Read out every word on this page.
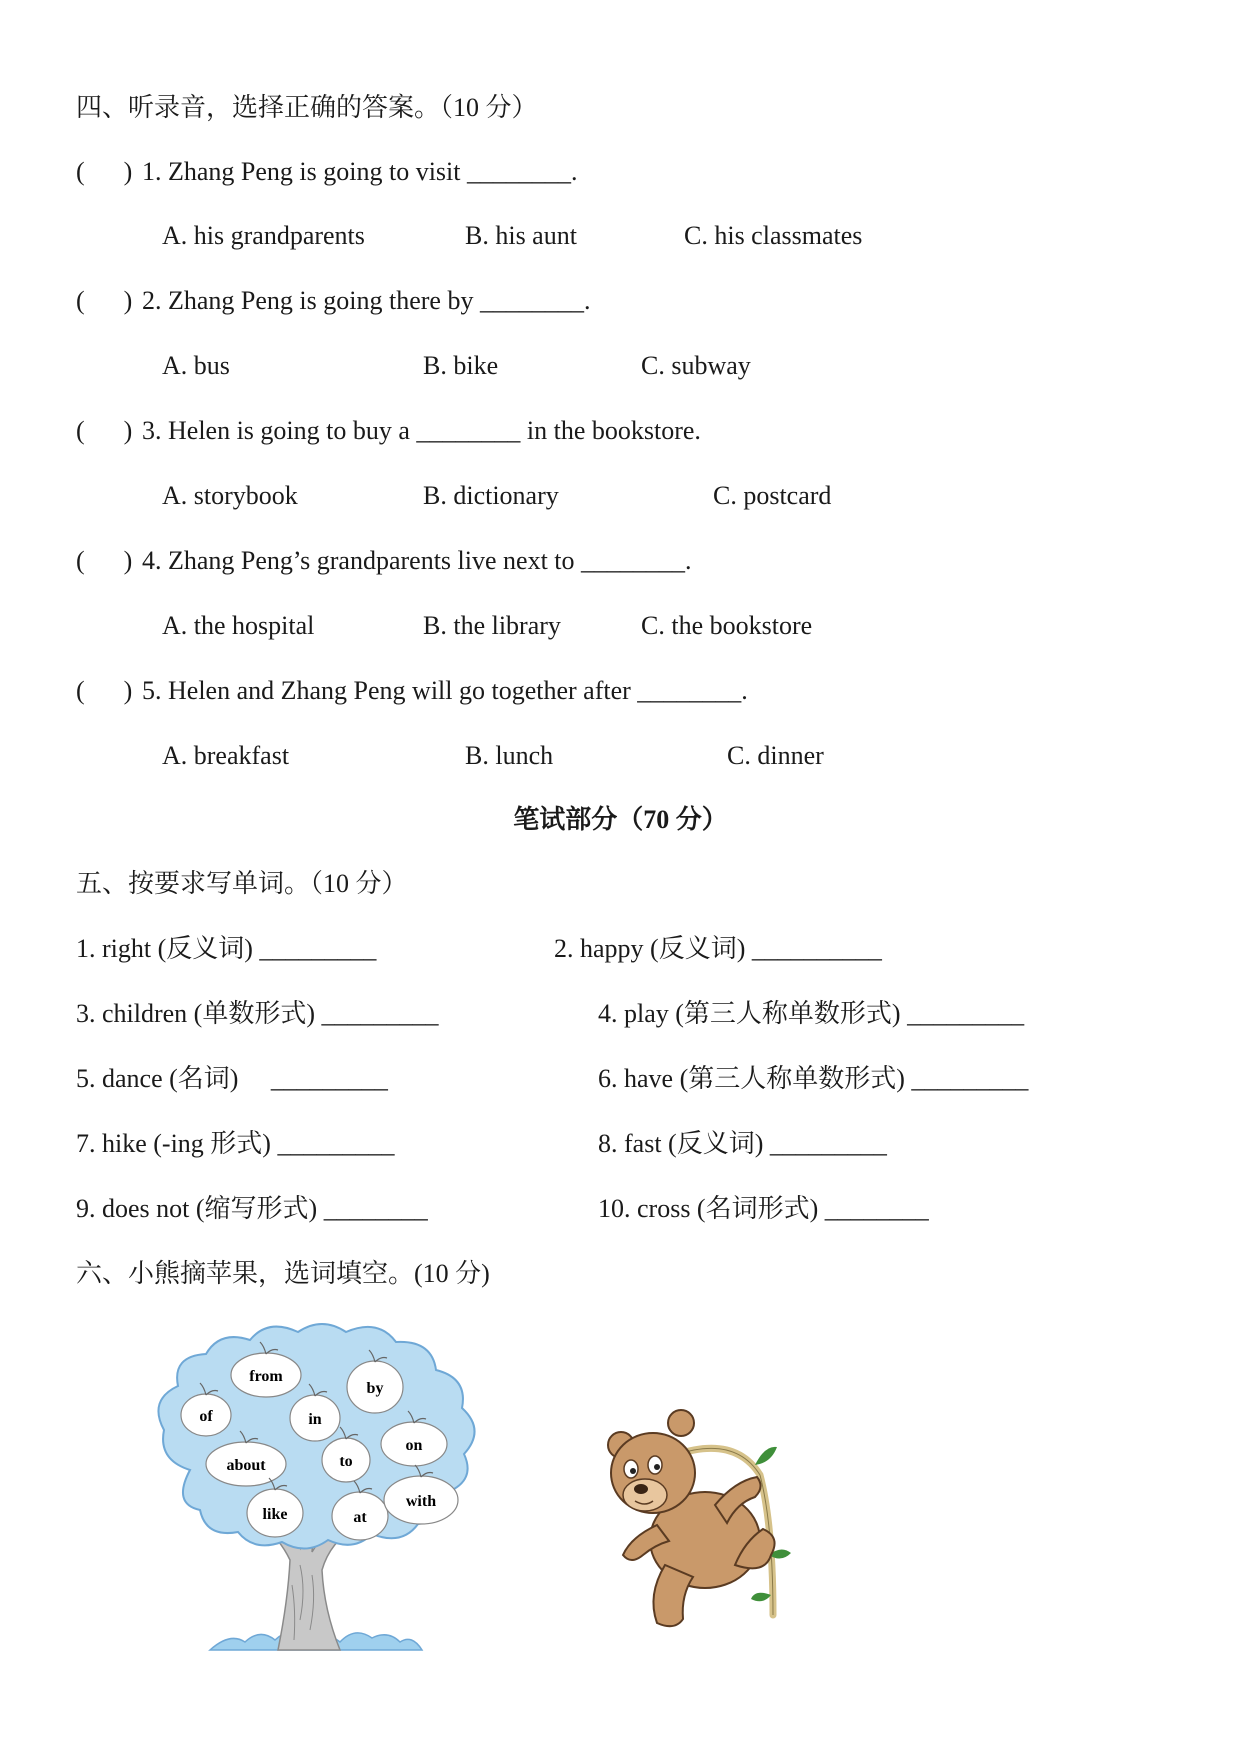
四、听录音，选择正确的答案。（10 分）
(      ) 1. Zhang Peng is going to visit ________.
A. his grandparents	B. his aunt	C. his classmates
(      ) 2. Zhang Peng is going there by ________.
A. bus	B. bike	C. subway
(      ) 3. Helen is going to buy a ________ in the bookstore.
A. storybook	B. dictionary	C. postcard
(      ) 4. Zhang Peng’s grandparents live next to ________.
A. the hospital	B. the library	C. the bookstore
(      ) 5. Helen and Zhang Peng will go together after ________.
A. breakfast	B. lunch	C. dinner
笔试部分（70 分）
五、按要求写单词。（10 分）
1. right (反义词) _________	2. happy (反义词) __________
3. children (单数形式) _________	4. play (第三人称单数形式) _________
5. dance (名词)     _________	6. have (第三人称单数形式) _________
7. hike (-ing 形式) _________	8. fast (反义词) _________
9. does not (缩写形式) ________	10. cross (名词形式) ________
六、小熊摘苹果，选词填空。(10 分)
from
by
of	in
about	to
on
like	at
with
